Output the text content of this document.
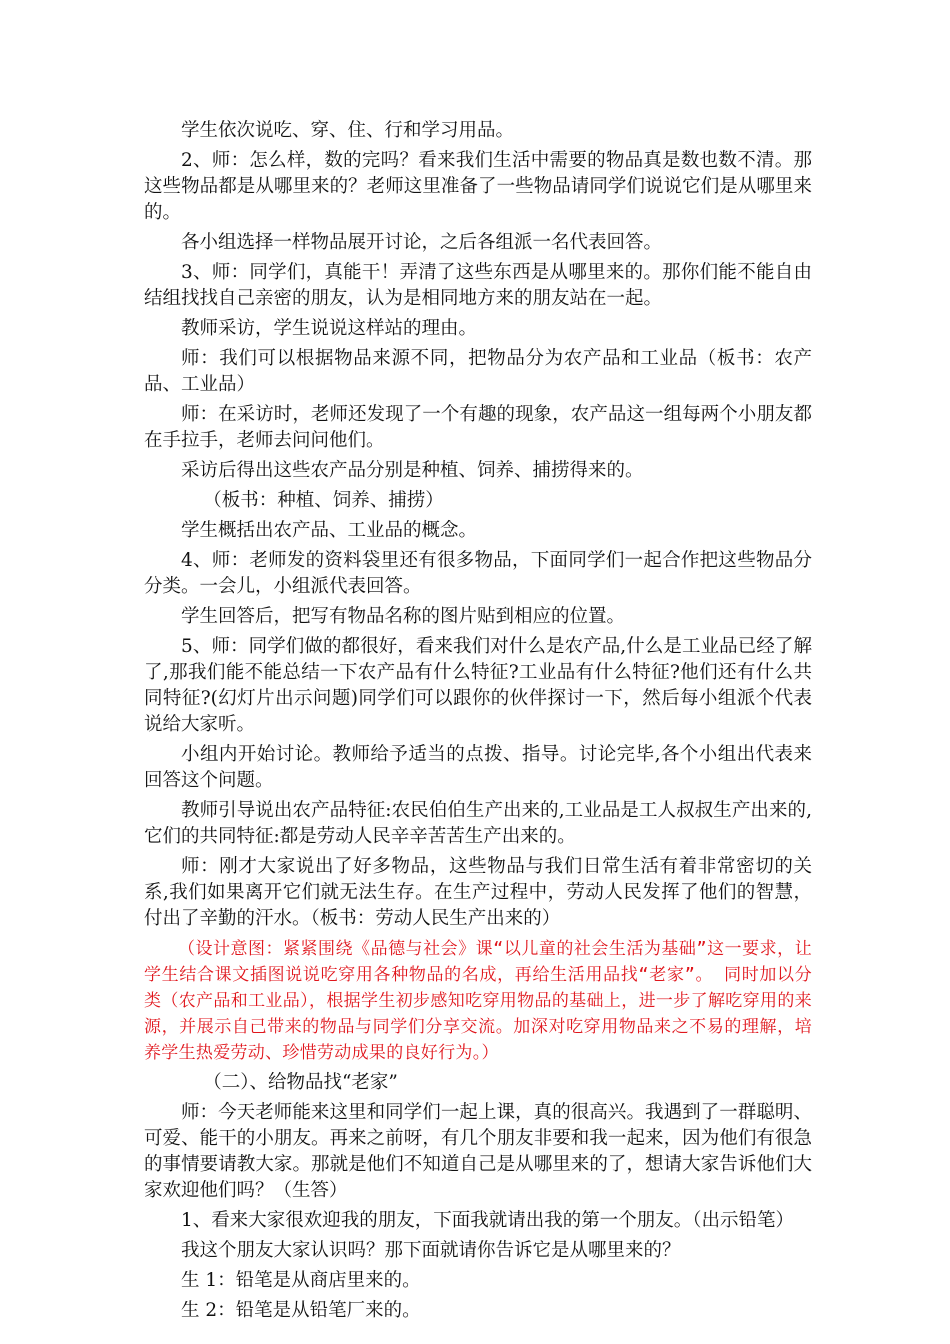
学生依次说吃、穿、住、行和学习用品。

2、师：怎么样，数的完吗？看来我们生活中需要的物品真是数也数不清。那这些物品都是从哪里来的？老师这里准备了一些物品请同学们说说它们是从哪里来的。

各小组选择一样物品展开讨论，之后各组派一名代表回答。

3、师：同学们，真能干！弄清了这些东西是从哪里来的。那你们能不能自由结组找找自己亲密的朋友，认为是相同地方来的朋友站在一起。

教师采访，学生说说这样站的理由。

师：我们可以根据物品来源不同，把物品分为农产品和工业品（板书：农产品、工业品）

师：在采访时，老师还发现了一个有趣的现象，农产品这一组每两个小朋友都在手拉手，老师去问问他们。

采访后得出这些农产品分别是种植、饲养、捕捞得来的。

（板书：种植、饲养、捕捞）

学生概括出农产品、工业品的概念。

4、师：老师发的资料袋里还有很多物品，下面同学们一起合作把这些物品分分类。一会儿，小组派代表回答。

学生回答后，把写有物品名称的图片贴到相应的位置。

5、师：同学们做的都很好，看来我们对什么是农产品,什么是工业品已经了解了,那我们能不能总结一下农产品有什么特征?工业品有什么特征?他们还有什么共同特征?(幻灯片出示问题)同学们可以跟你的伙伴探讨一下，然后每小组派个代表说给大家听。

小组内开始讨论。教师给予适当的点拨、指导。讨论完毕,各个小组出代表来回答这个问题。

教师引导说出农产品特征:农民伯伯生产出来的,工业品是工人叔叔生产出来的,它们的共同特征:都是劳动人民辛辛苦苦生产出来的。

师：刚才大家说出了好多物品，这些物品与我们日常生活有着非常密切的关系,我们如果离开它们就无法生存。在生产过程中，劳动人民发挥了他们的智慧，付出了辛勤的汗水。（板书：劳动人民生产出来的）

（设计意图：紧紧围绕《品德与社会》课“以儿童的社会生活为基础”这一要求，让学生结合课文插图说说吃穿用各种物品的名成，再给生活用品找“老家”。 同时加以分类（农产品和工业品），根据学生初步感知吃穿用物品的基础上，进一步了解吃穿用的来源，并展示自己带来的物品与同学们分享交流。加深对吃穿用物品来之不易的理解，培养学生热爱劳动、珍惜劳动成果的良好行为。）

（二）、给物品找“老家”

师：今天老师能来这里和同学们一起上课，真的很高兴。我遇到了一群聪明、可爱、能干的小朋友。再来之前呀，有几个朋友非要和我一起来，因为他们有很急的事情要请教大家。那就是他们不知道自己是从哪里来的了，想请大家告诉他们大家欢迎他们吗？（生答）

1、看来大家很欢迎我的朋友，下面我就请出我的第一个朋友。（出示铅笔）

我这个朋友大家认识吗？那下面就请你告诉它是从哪里来的？

生 1：铅笔是从商店里来的。

生 2：铅笔是从铅笔厂来的。
